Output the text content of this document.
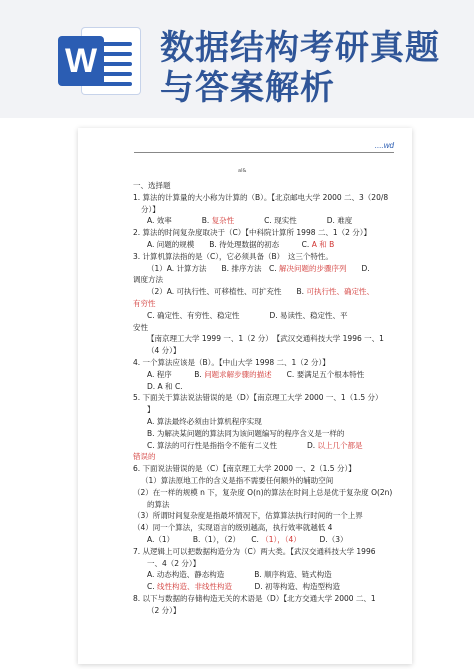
W 数据结构考研真题
与答案解析
....wd
al&

一、选择题

1. 算法的计算量的大小称为计算的（B）。【北京邮电大学 2000 二、3（20/8

分）】

A. 效率　　　　B. 复杂性　　　　C. 现实性　　　　D. 难度

2. 算法的时间复杂度取决于（C）【中科院计算所 1998 二、1（2 分）】

A. 问题的规模　　B. 待处理数据的初态　　　C. A 和 B

3. 计算机算法指的是（C），它必须具备（B）　这三个特性。

（1）A. 计算方法　　B. 排序方法　C. 解决问题的步骤序列　　D.

调度方法

（2）A. 可执行性、可移植性、可扩充性　　B. 可执行性、确定性、

有穷性

C. 确定性、有穷性、稳定性　　　　D. 易读性、稳定性、平

安性

【南京理工大学 1999 一、1（2 分）　【武汉交通科技大学 1996 一、1

（4 分）】

4. 一个算法应该是（B）。【中山大学 1998 二、1（2 分）】

A. 程序　　　B. 问题求解步骤的描述　　C. 要满足五个根本特性

D. A 和 C.

5. 下面关于算法说法错误的是（D）【南京理工大学 2000 一、1（1.5 分）

】

A. 算法最终必须由计算机程序实现

B. 为解决某问题的算法同为该问题编写的程序含义是一样的

C. 算法的可行性是指指令不能有二义性　　　　D. 以上几个都是

错误的

6. 下面说法错误的是（C）【南京理工大学 2000 一、2（1.5 分）】

（1）算法原地工作的含义是指不需要任何额外的辅助空间

（2）在一样的规模 n 下，复杂度 O(n)的算法在时间上总是优于复杂度 O(2n)

的算法

（3）所谓时间复杂度是指最坏情况下，估算算法执行时间的一个上界

（4）同一个算法，实现语言的级别越高，执行效率就越低 4

A.（1）　　　B.（1），（2）　　C. （1），（4）　　　D.（3）

7. 从逻辑上可以把数据构造分为（C）两大类。【武汉交通科技大学 1996

一、4（2 分）】

A. 动态构造、静态构造　　　　B. 顺序构造、链式构造

C. 线性构造、非线性构造　　　D. 初等构造、构造型构造

8. 以下与数据的存储构造无关的术语是（D）【北方交通大学 2000 二、1

（2 分）】
